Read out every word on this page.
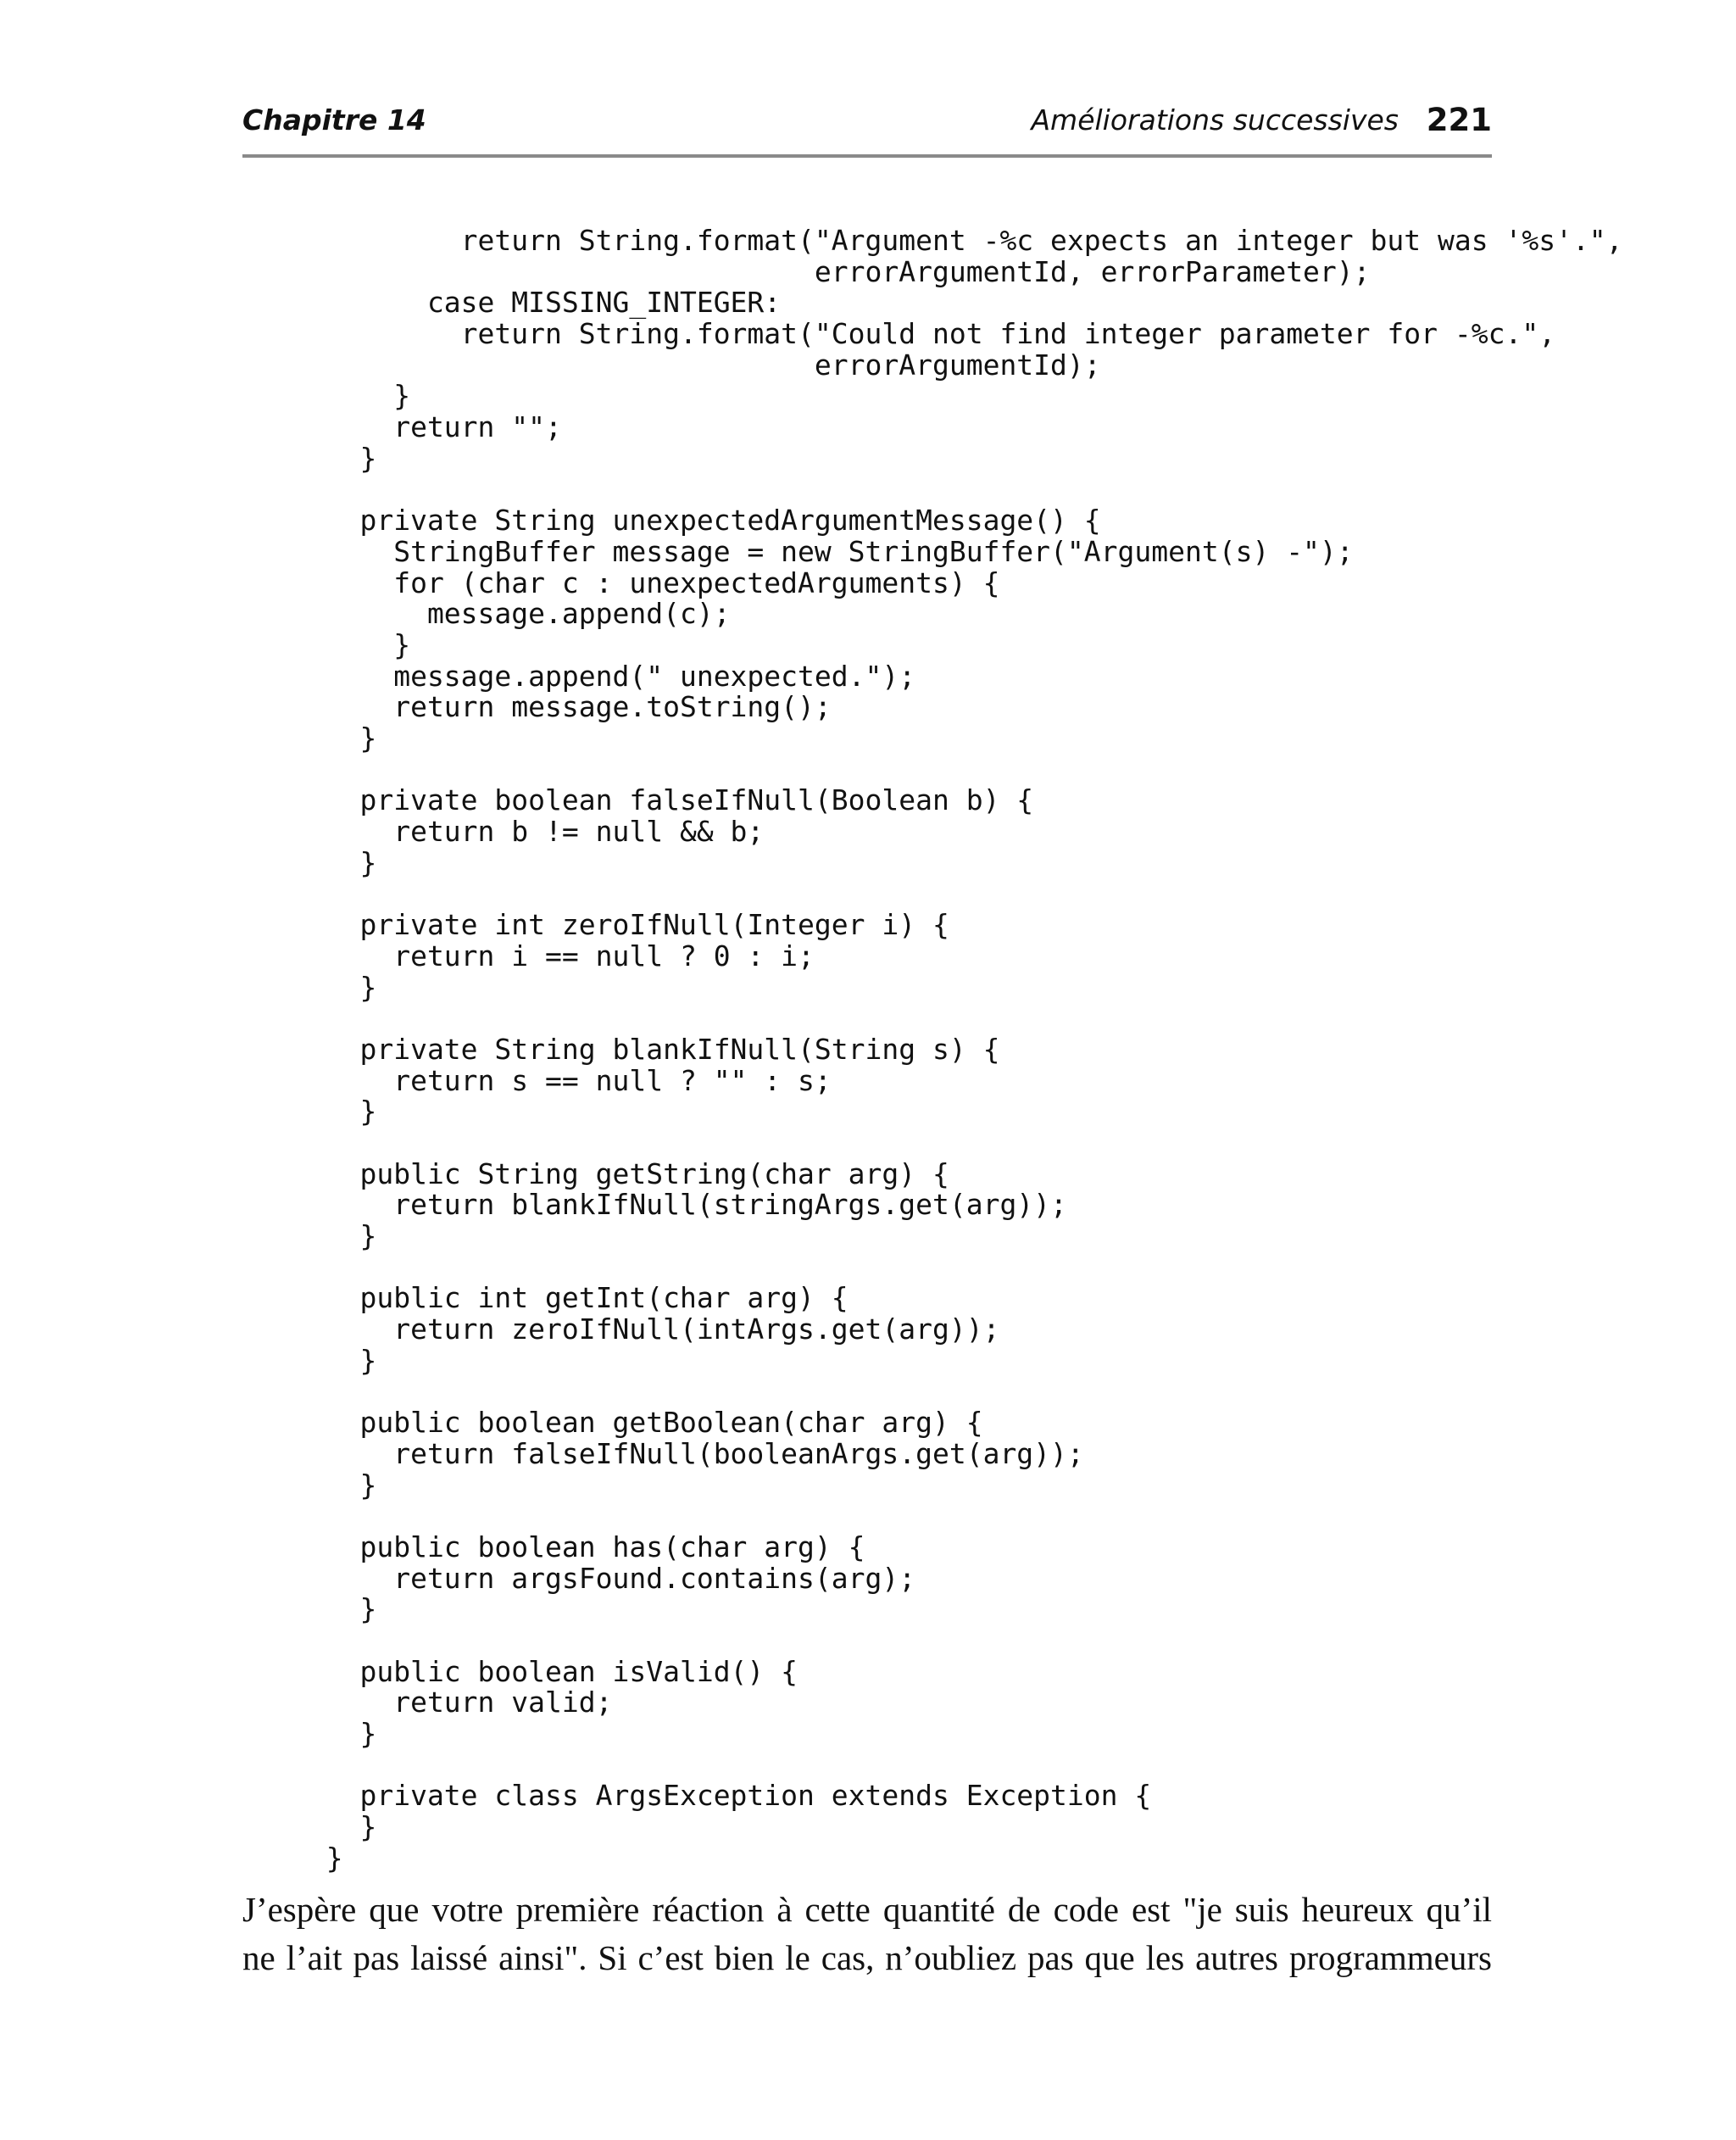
Chapitre 14	Améliorations successives 221
return String.format("Argument -%c expects an integer but was '%s'.",
errorArgumentId, errorParameter);
case MISSING_INTEGER:
return String.format("Could not find integer parameter for -%c.",
errorArgumentId);
}
return "";
}
private String unexpectedArgumentMessage() {
StringBuffer message = new StringBuffer("Argument(s) -");
for (char c : unexpectedArguments) {
message.append(c);
}
message.append(" unexpected.");
return message.toString();
}
private boolean falseIfNull(Boolean b) {
return b != null && b;
}
private int zeroIfNull(Integer i) {
return i == null ? 0 : i;
}
private String blankIfNull(String s) {
return s == null ? "" : s;
}
public String getString(char arg) {
return blankIfNull(stringArgs.get(arg));
}
public int getInt(char arg) {
return zeroIfNull(intArgs.get(arg));
}
public boolean getBoolean(char arg) {
return falseIfNull(booleanArgs.get(arg));
}
public boolean has(char arg) {
return argsFound.contains(arg);
}
public boolean isValid() {
return valid;
}
private class ArgsException extends Exception {
}
}

J’espère que votre première réaction à cette quantité de code est "je suis heureux qu’il
ne l’ait pas laissé ainsi". Si c’est bien le cas, n’oubliez pas que les autres programmeurs
